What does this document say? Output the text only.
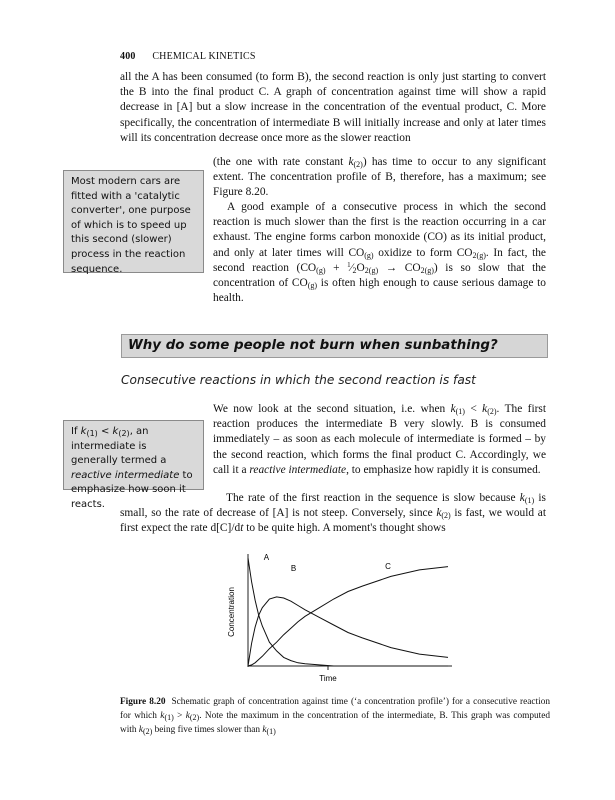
400 CHEMICAL KINETICS

all the A has been consumed (to form B), the second reaction is only just starting to convert the B into the final product C. A graph of concentration against time will show a rapid decrease in [A] but a slow increase in the concentration of the eventual product, C. More specifically, the concentration of intermediate B will initially increase and only at later times will its concentration decrease once more as the slower reaction

(the one with rate constant $k_{(2)}$) has time to occur to any significant extent. The concentration profile of B, therefore, has a maximum; see Figure 8.20.

A good example of a consecutive process in which the second reaction is much slower than the first is the reaction occurring in a car exhaust. The engine forms carbon monoxide (CO) as its initial product, and only at later times will $CO_{(g)}$ oxidize to form $CO_{2(g)}$. In fact, the second reaction ($CO_{(g)}$ + $^1⁄_2O_{2(g)} \to CO_{2(g)}$) is so slow that the concentration of $CO_{(g)}$ is often high enough to cause serious damage to health.

Most modern cars are fitted with a 'catalytic converter', one purpose of which is to speed up this second (slower) process in the reaction sequence.
Why do some people not burn when sunbathing?
Consecutive reactions in which the second reaction is fast
If $k_{(1)} < k_{(2)}$, an intermediate is generally termed a reactive intermediate to emphasize how soon it reacts.

We now look at the second situation, i.e. when $k_{(1)} < k_{(2)}$. The first reaction produces the intermediate B very slowly. B is consumed immediately – as soon as each molecule of intermediate is formed – by the second reaction, which forms the final product C. Accordingly, we call it a reactive intermediate, to emphasize how rapidly it is consumed.

The rate of the first reaction in the sequence is slow because $k_{(1)}$ is small, so the rate of decrease of [A] is not steep. Conversely, since $k_{(2)}$ is fast, we would at first expect the rate d[C]/dt to be quite high. A moment's thought shows

Time
Concentration
A
B	C

Figure 8.20 Schematic graph of concentration against time (‘a concentration profile’) for a consecutive reaction for which k(1) > k(2). Note the maximum in the concentration of the intermediate, B. This graph was computed with k(2) being five times slower than k(1)
